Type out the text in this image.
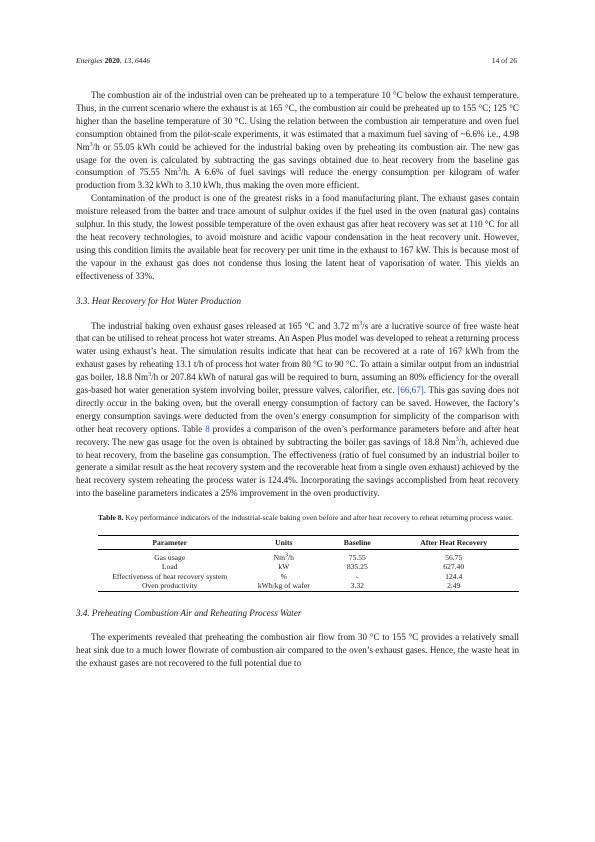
Energies 2020, 13, 6446	14 of 26

The combustion air of the industrial oven can be preheated up to a temperature 10 °C below the exhaust temperature. Thus, in the current scenario where the exhaust is at 165 °C, the combustion air could be preheated up to 155 °C; 125 °C higher than the baseline temperature of 30 °C. Using the relation between the combustion air temperature and oven fuel consumption obtained from the pilot-scale experiments, it was estimated that a maximum fuel saving of ~6.6% i.e., 4.98 Nm$^3$/h or 55.05 kWh could be achieved for the industrial baking oven by preheating its combustion air. The new gas usage for the oven is calculated by subtracting the gas savings obtained due to heat recovery from the baseline gas consumption of 75.55 Nm$^3$/h. A 6.6% of fuel savings will reduce the energy consumption per kilogram of wafer production from 3.32 kWh to 3.10 kWh, thus making the oven more efficient.

Contamination of the product is one of the greatest risks in a food manufacturing plant. The exhaust gases contain moisture released from the batter and trace amount of sulphur oxides if the fuel used in the oven (natural gas) contains sulphur. In this study, the lowest possible temperature of the oven exhaust gas after heat recovery was set at 110 °C for all the heat recovery technologies, to avoid moisture and acidic vapour condensation in the heat recovery unit. However, using this condition limits the available heat for recovery per unit time in the exhaust to 167 kW. This is because most of the vapour in the exhaust gas does not condense thus losing the latent heat of vaporisation of water. This yields an effectiveness of 33%.

3.3. Heat Recovery for Hot Water Production

The industrial baking oven exhaust gases released at 165 °C and 3.72 $m^3/s$ are a lucrative source of free waste heat that can be utilised to reheat process hot water streams. An Aspen Plus model was developed to reheat a returning process water using exhaust’s heat. The simulation results indicate that heat can be recovered at a rate of 167 kWh from the exhaust gases by reheating 13.1 t/h of process hot water from 80 °C to 90 °C. To attain a similar output from an industrial gas boiler, 18.8 Nm$^3$/h or 207.84 kWh of natural gas will be required to burn, assuming an 80% efficiency for the overall gas-based hot water generation system involving boiler, pressure valves, calorifier, etc. [66,67]. This gas saving does not directly occur in the baking oven, but the overall energy consumption of factory can be saved. However, the factory’s energy consumption savings were deducted from the oven’s energy consumption for simplicity of the comparison with other heat recovery options. Table 8 provides a comparison of the oven’s performance parameters before and after heat recovery. The new gas usage for the oven is obtained by subtracting the boiler gas savings of 18.8 Nm$^3$/h, achieved due to heat recovery, from the baseline gas consumption. The effectiveness (ratio of fuel consumed by an industrial boiler to generate a similar result as the heat recovery system and the recoverable heat from a single oven exhaust) achieved by the heat recovery system reheating the process water is 124.4%. Incorporating the savings accomplished from heat recovery into the baseline parameters indicates a 25% improvement in the oven productivity.

Table 8. Key performance indicators of the industrial-scale baking oven before and after heat recovery to reheat returning process water.

Parameter	Units	Baseline	After Heat Recovery
Gas usage	Nm$^3$/h	75.55	56.75
Load	kW	835.25	627.40
Effectiveness of heat recovery system	%	-	124.4
Oven productivity	kWh/kg of wafer	3.32	2.49
3.4. Preheating Combustion Air and Reheating Process Water

The experiments revealed that preheating the combustion air flow from 30 °C to 155 °C provides a relatively small heat sink due to a much lower flowrate of combustion air compared to the oven’s exhaust gases. Hence, the waste heat in the exhaust gases are not recovered to the full potential due to
